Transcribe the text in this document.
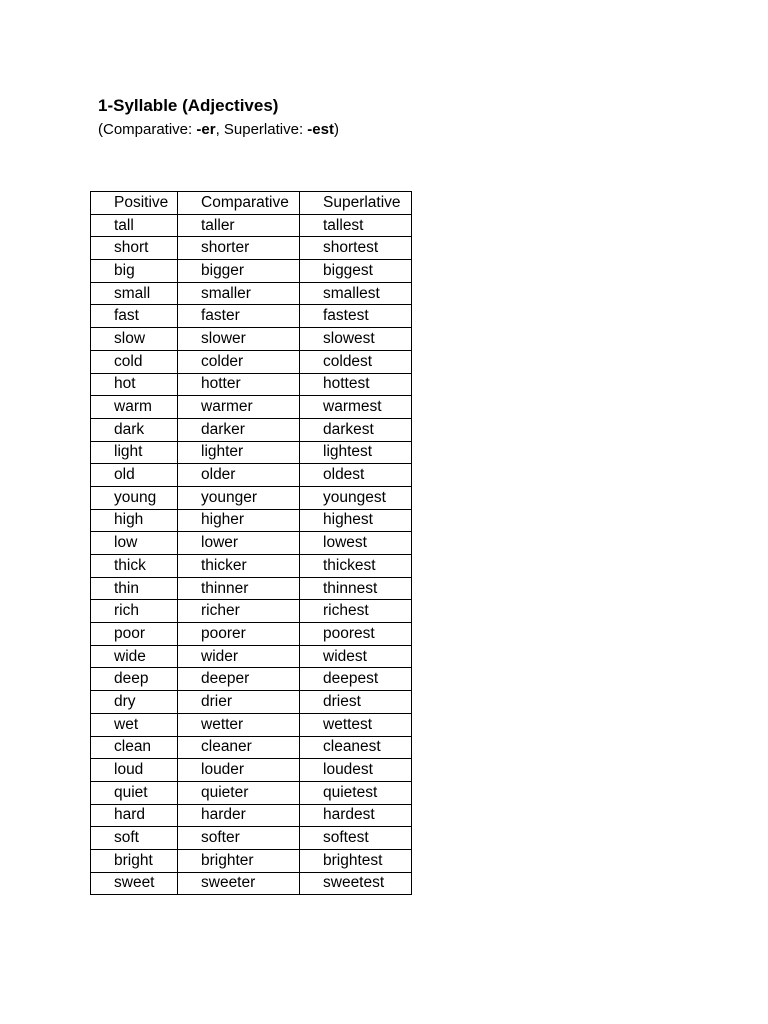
1-Syllable (Adjectives)
(Comparative: -er, Superlative: -est)
Positive	Comparative	Superlative
tall	taller	tallest
short	shorter	shortest
big	bigger	biggest
small	smaller	smallest
fast	faster	fastest
slow	slower	slowest
cold	colder	coldest
hot	hotter	hottest
warm	warmer	warmest
dark	darker	darkest
light	lighter	lightest
old	older	oldest
young	younger	youngest
high	higher	highest
low	lower	lowest
thick	thicker	thickest
thin	thinner	thinnest
rich	richer	richest
poor	poorer	poorest
wide	wider	widest
deep	deeper	deepest
dry	drier	driest
wet	wetter	wettest
clean	cleaner	cleanest
loud	louder	loudest
quiet	quieter	quietest
hard	harder	hardest
soft	softer	softest
bright	brighter	brightest
sweet	sweeter	sweetest
